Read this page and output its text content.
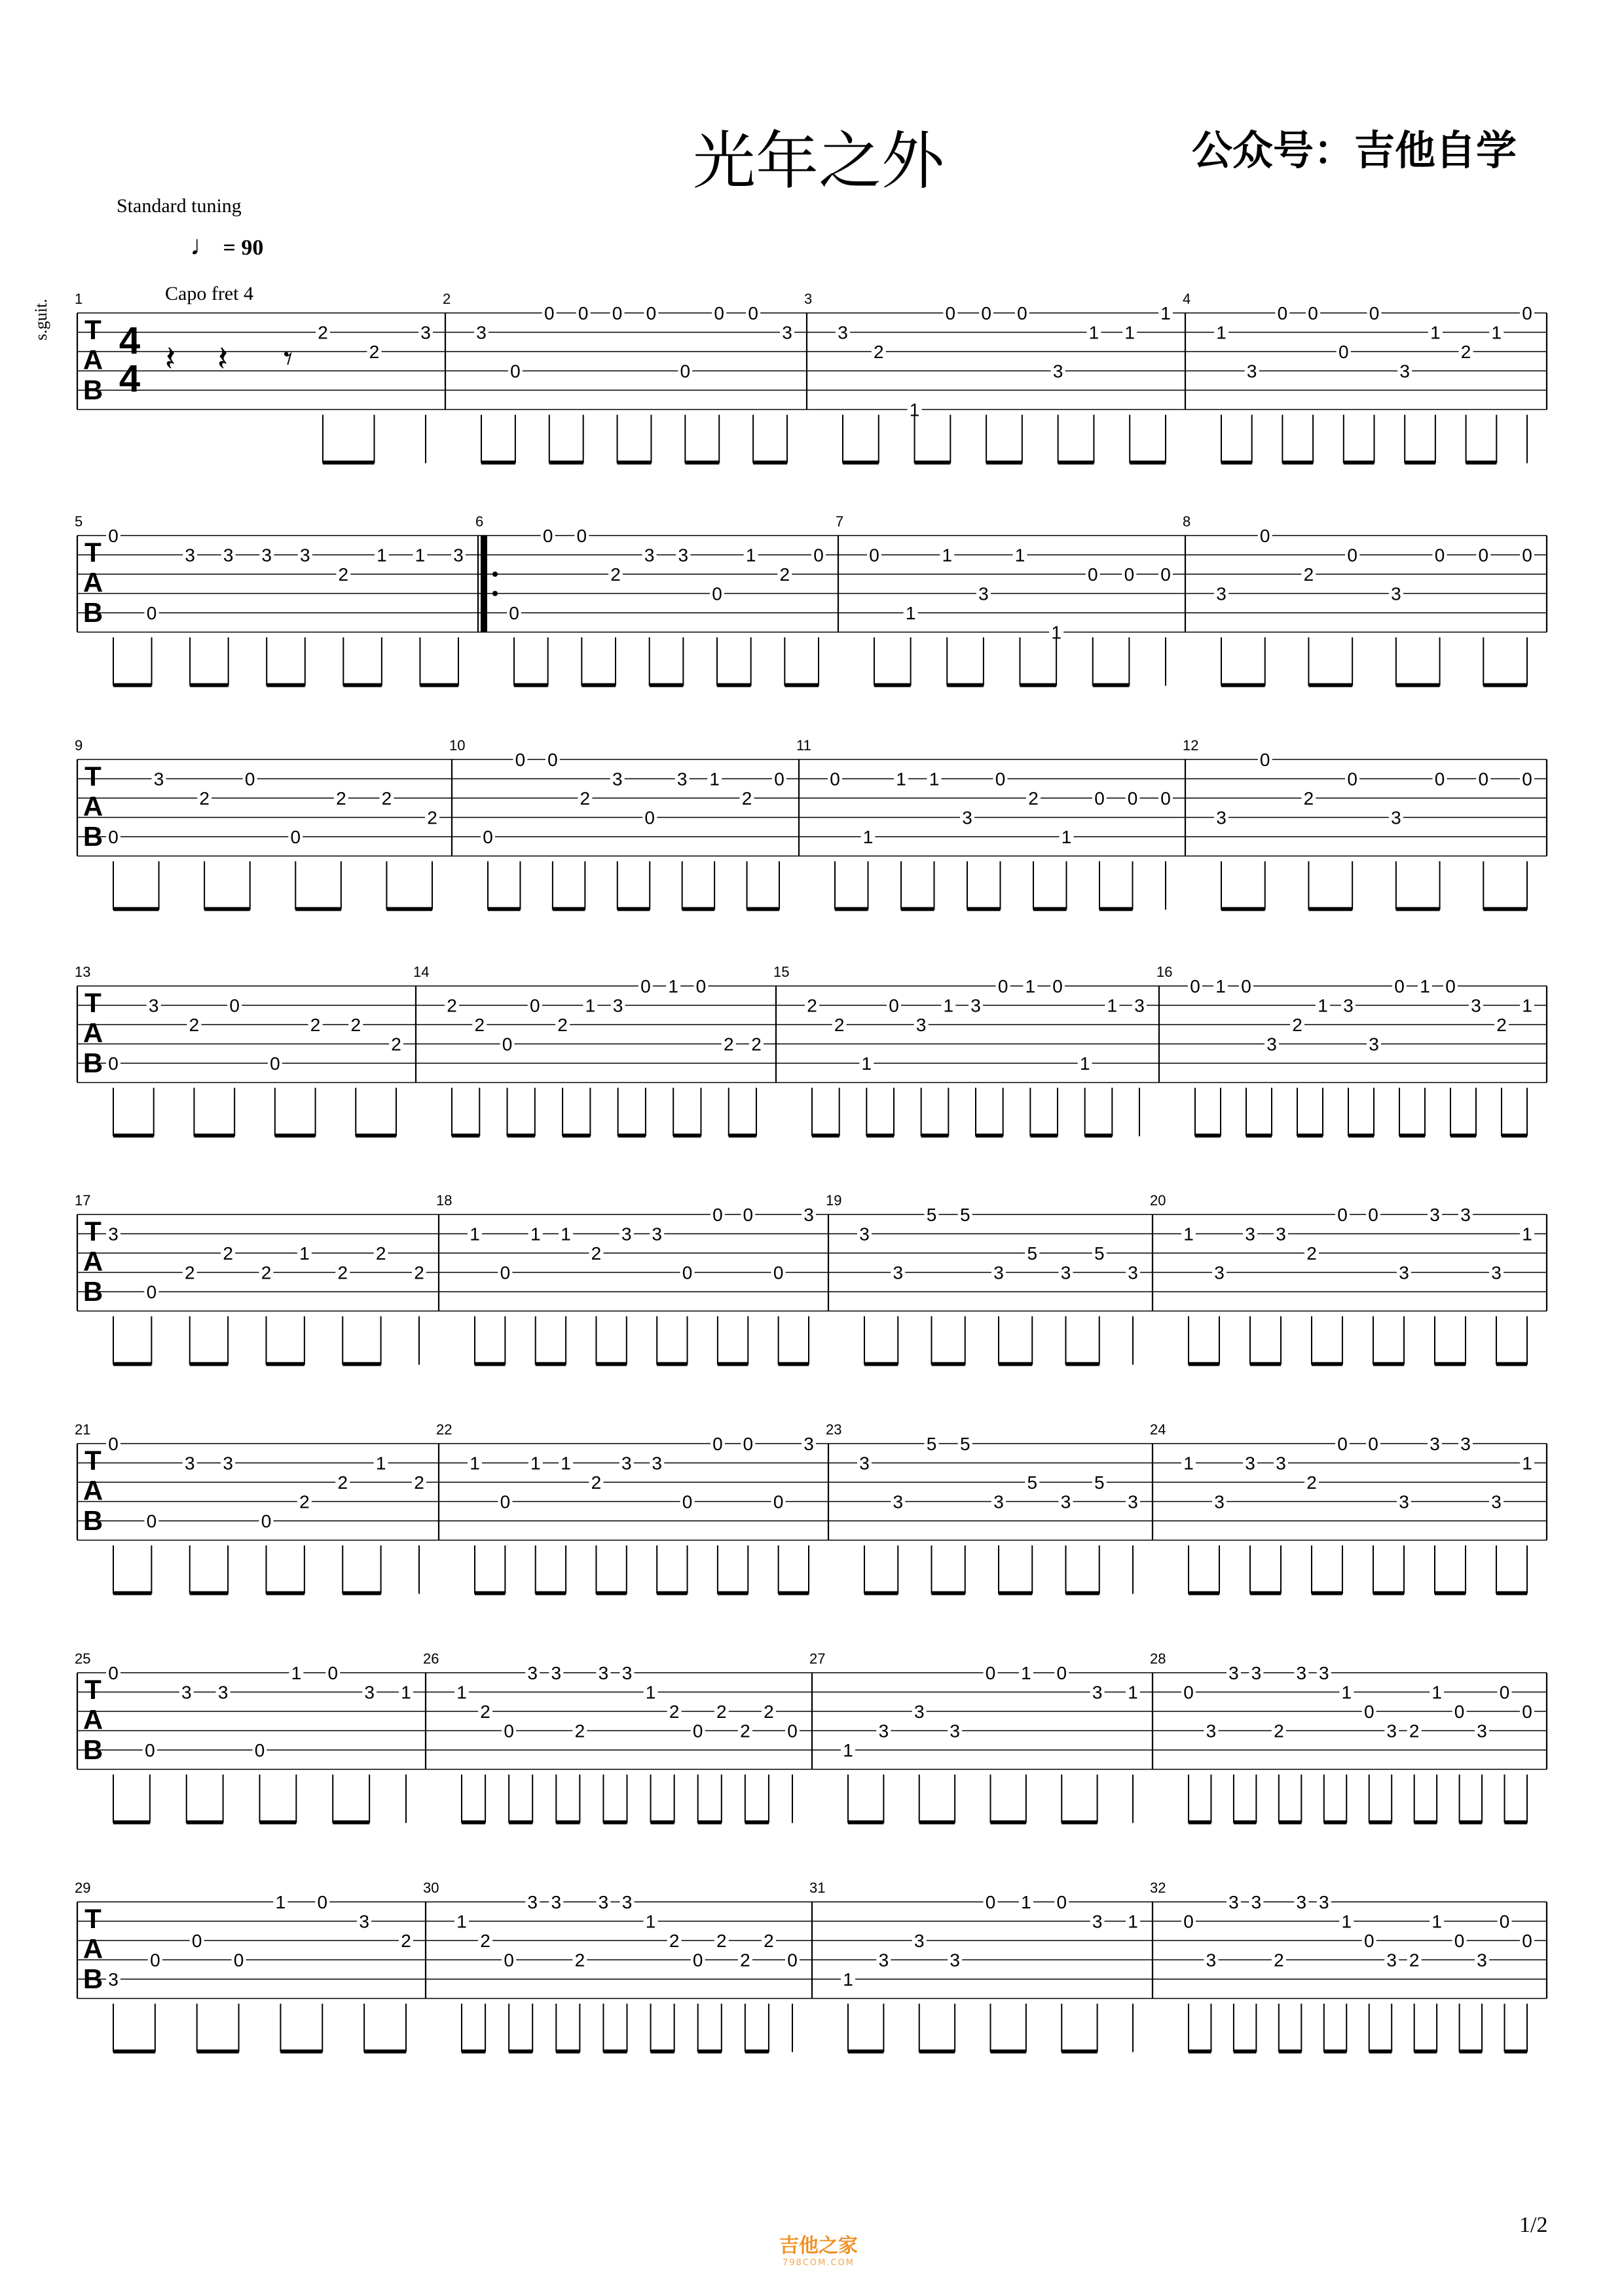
光年之外	公众号：吉他自学
Standard tuning
♩ = 90
Capo fret 4
s.guit. T
A
B
4
4
1
2
2
3
𝄽 𝄽 𝄾
2
3
0
0 0 0 0
0
0 0
3
3
3
2
1
0 0 0
3
1 1
1
4
1
3
0 0
0
0
3
1
2
1
0
T
A
B
5
0
0
3 3 3 3
2
1 1 3
6
0
0 0
2
3 3
0
1
2
0
7
0
1
1
3
1
1
0 0 0
8
3
0
2
0
3
0 0 0
T
A
B
9
0
3
2
0
0
2 2
2
10
0
0 0
2
3
0
3 1
2
0
11
0
1
1 1
3
0
2
1
0 0 0
12
3
0
2
0
3
0 0 0
T
A
B
13
0
3
2
0
0
2 2
2
14
2
2
0
0
2
1 3
0 1 0
2 2
15
2
2
1
0
3
1 3
0 1 0
1
1 3
16
0 1 0
3
2
1 3
3
0 1 0
3
2
1
T
A
B
17
3
0
2
2
2
1
2
2
2
18
1
0
1 1
2
3 3
0
0 0
0
3
19
3
3
5 5
3
5
3
5
3
20
1
3
3 3
2
0 0
3
3 3
3
1
T
A
B
21
0
0
3 3
0
2
2
1
2
22
1
0
1 1
2
3 3
0
0 0
0
3
23
3
3
5 5
3
5
3
5
3
24
1
3
3 3
2
0 0
3
3 3
3
1
T
A
B
25
0
0
3 3
0
1 0
3 1
26
1
2
0
3 3
2
3 3
1
2
0
2
2
2
0
27
1
3
3
3
0 1 0
3 1
28
0
3
3 3
2
3 3
1
0
3 2
1
0
3
0
0
T
A
B
29
3
0
0
0
1 0
3
2
30
1
2
0
3 3
2
3 3
1
2
0
2
2
2
0
31
1
3
3
3
0 1 0
3 1
32
0
3
3 3
2
3 3
1
0
3 2
1
0
3
0
0
1/2
吉他之家
798COM.COM
